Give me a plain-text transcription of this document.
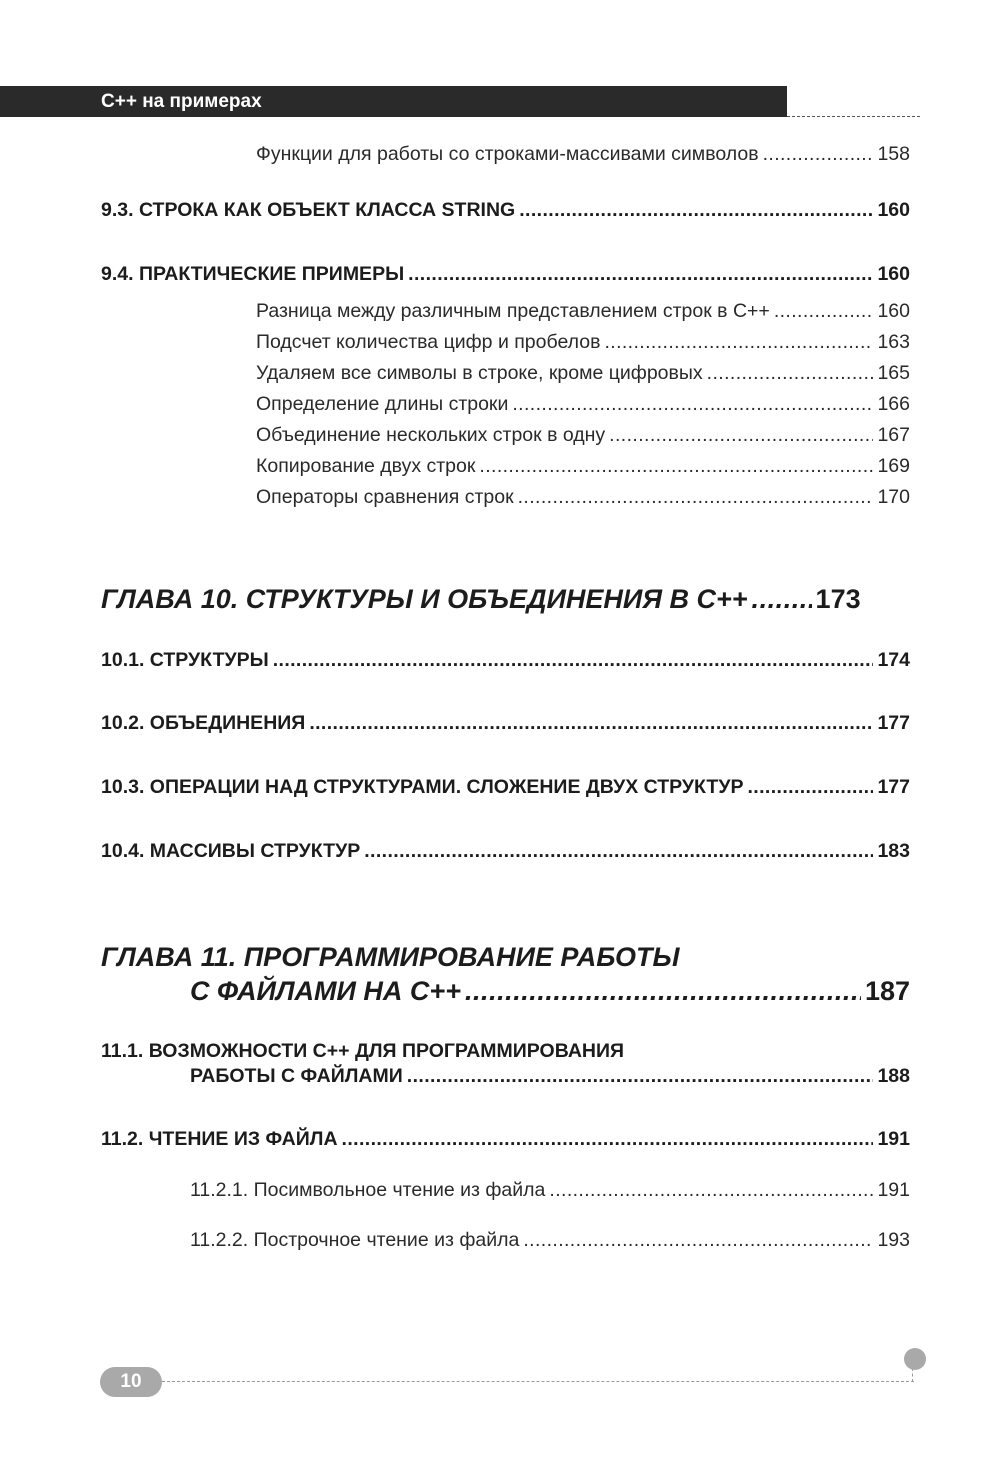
С++ на примерах
Функции для работы со строками-массивами символов .....	158
9.3. СТРОКА КАК ОБЪЕКТ КЛАССА STRING .....	160
9.4. ПРАКТИЧЕСКИЕ ПРИМЕРЫ .....	160
Разница между различным представлением строк в С++ .....	160
Подсчет количества цифр и пробелов .....	163
Удаляем все символы в строке, кроме цифровых .....	165
Определение длины строки .....	166
Объединение нескольких строк в одну .....	167
Копирование двух строк .....	169
Операторы сравнения строк .....	170
ГЛАВА 10. СТРУКТУРЫ И ОБЪЕДИНЕНИЯ В С++ .....	173
10.1. СТРУКТУРЫ .....	174
10.2. ОБЪЕДИНЕНИЯ .....	177
10.3. ОПЕРАЦИИ НАД СТРУКТУРАМИ. СЛОЖЕНИЕ ДВУХ СТРУКТУР .....	177
10.4. МАССИВЫ СТРУКТУР .....	183
ГЛАВА 11. ПРОГРАММИРОВАНИЕ РАБОТЫ
С ФАЙЛАМИ НА С++ .....	187
11.1. ВОЗМОЖНОСТИ С++ ДЛЯ ПРОГРАММИРОВАНИЯ
РАБОТЫ С ФАЙЛАМИ .....	188
11.2. ЧТЕНИЕ ИЗ ФАЙЛА .....	191
11.2.1. Посимвольное чтение из файла .....	191
11.2.2. Построчное чтение из файла .....	193
10
